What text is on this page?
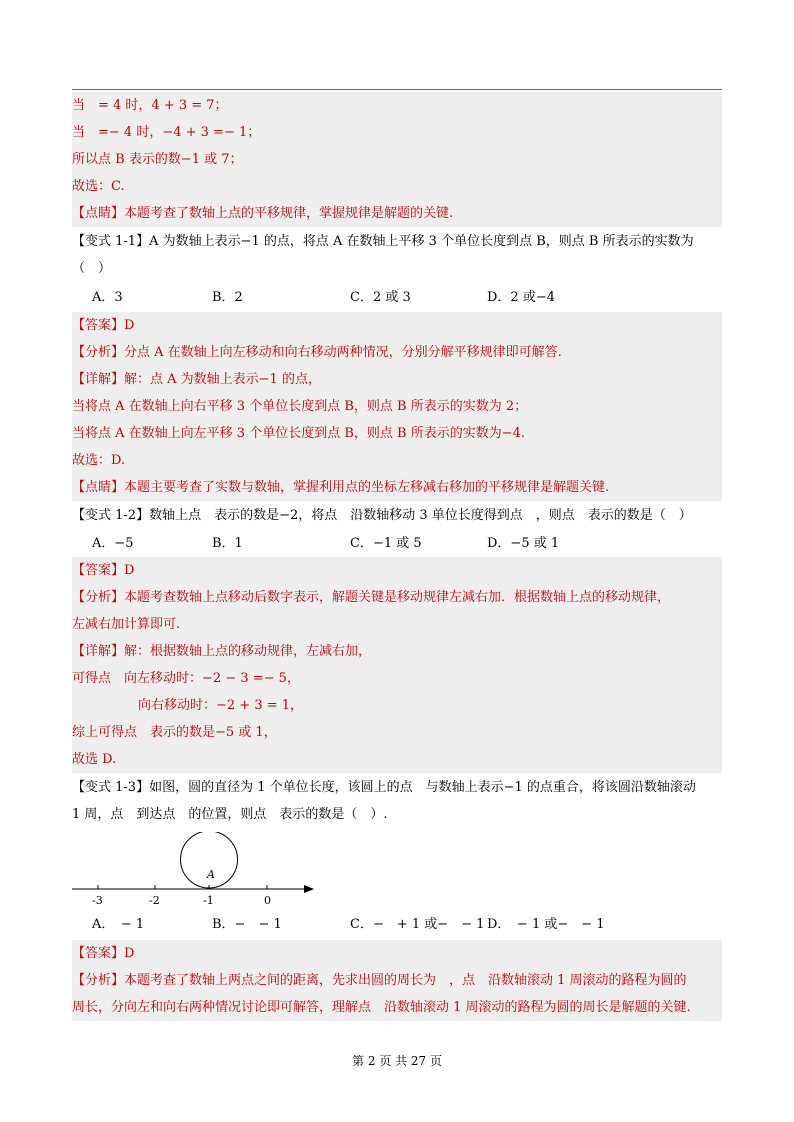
当　= 4 时，4 + 3 = 7；
当　=− 4 时，−4 + 3 =− 1；
所以点 B 表示的数−1 或 7；
故选：C.
【点睛】本题考查了数轴上点的平移规律，掌握规律是解题的关键.
【变式 1-1】A 为数轴上表示−1 的点，将点 A 在数轴上平移 3 个单位长度到点 B，则点 B 所表示的实数为
（　）
A．3	B．2	C．2 或 3	D．2 或−4
【答案】D
【分析】分点 A 在数轴上向左移动和向右移动两种情况，分别分解平移规律即可解答.
【详解】解：点 A 为数轴上表示−1 的点，
当将点 A 在数轴上向右平移 3 个单位长度到点 B，则点 B 所表示的实数为 2；
当将点 A 在数轴上向左平移 3 个单位长度到点 B，则点 B 所表示的实数为−4.
故选：D.
【点睛】本题主要考查了实数与数轴，掌握利用点的坐标左移减右移加的平移规律是解题关键.
【变式 1-2】数轴上点　表示的数是−2，将点　沿数轴移动 3 单位长度得到点　，则点　表示的数是（　）
A．−5	B．1	C．−1 或 5	D．−5 或 1
【答案】D
【分析】本题考查数轴上点移动后数字表示，解题关键是移动规律左减右加．根据数轴上点的移动规律，
左减右加计算即可.
【详解】解：根据数轴上点的移动规律，左减右加，
可得点　向左移动时：−2 − 3 =− 5，
向右移动时：−2 + 3 = 1，
综上可得点　表示的数是−5 或 1，
故选 D.
【变式 1-3】如图，圆的直径为 1 个单位长度，该圆上的点　与数轴上表示−1 的点重合，将该圆沿数轴滚动
1 周，点　到达点　的位置，则点　表示的数是（　）.
-3	-2	-1	0
A
A．　− 1	B．−　− 1	C．−　+ 1 或−　− 1 D．　− 1 或−　− 1
【答案】D
【分析】本题考查了数轴上两点之间的距离，先求出圆的周长为　，点　沿数轴滚动 1 周滚动的路程为圆的
周长，分向左和向右两种情况讨论即可解答，理解点　沿数轴滚动 1 周滚动的路程为圆的周长是解题的关键.
第 2 页 共 27 页
